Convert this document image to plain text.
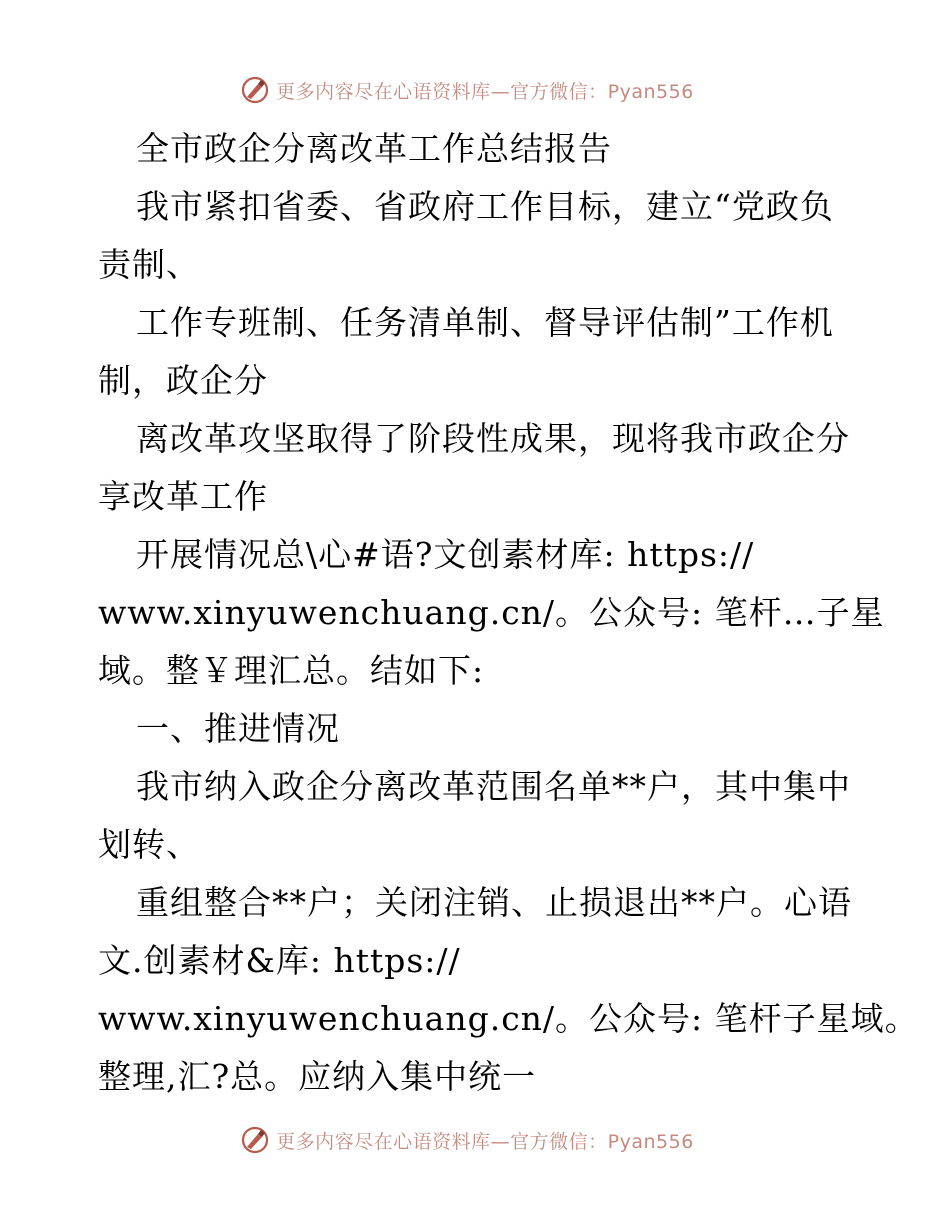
更多内容尽在心语资料库—官方微信：Pyan556
全市政企分离改革工作总结报告
我市紧扣省委、省政府工作目标，建立“党政负
责制、
工作专班制、任务清单制、督导评估制”工作机
制，政企分
离改革攻坚取得了阶段性成果，现将我市政企分
享改革工作
开展情况总\心#语?文创素材库: https://
www.xinyuwenchuang.cn/。公众号: 笔杆…子星
域。整￥理汇总。结如下:
一、推进情况
我市纳入政企分离改革范围名单**户，其中集中
划转、
重组整合**户；关闭注销、止损退出**户。心语
文.创素材&库: https://
www.xinyuwenchuang.cn/。公众号: 笔杆子星域。
整理,汇?总。应纳入集中统一
更多内容尽在心语资料库—官方微信：Pyan556
